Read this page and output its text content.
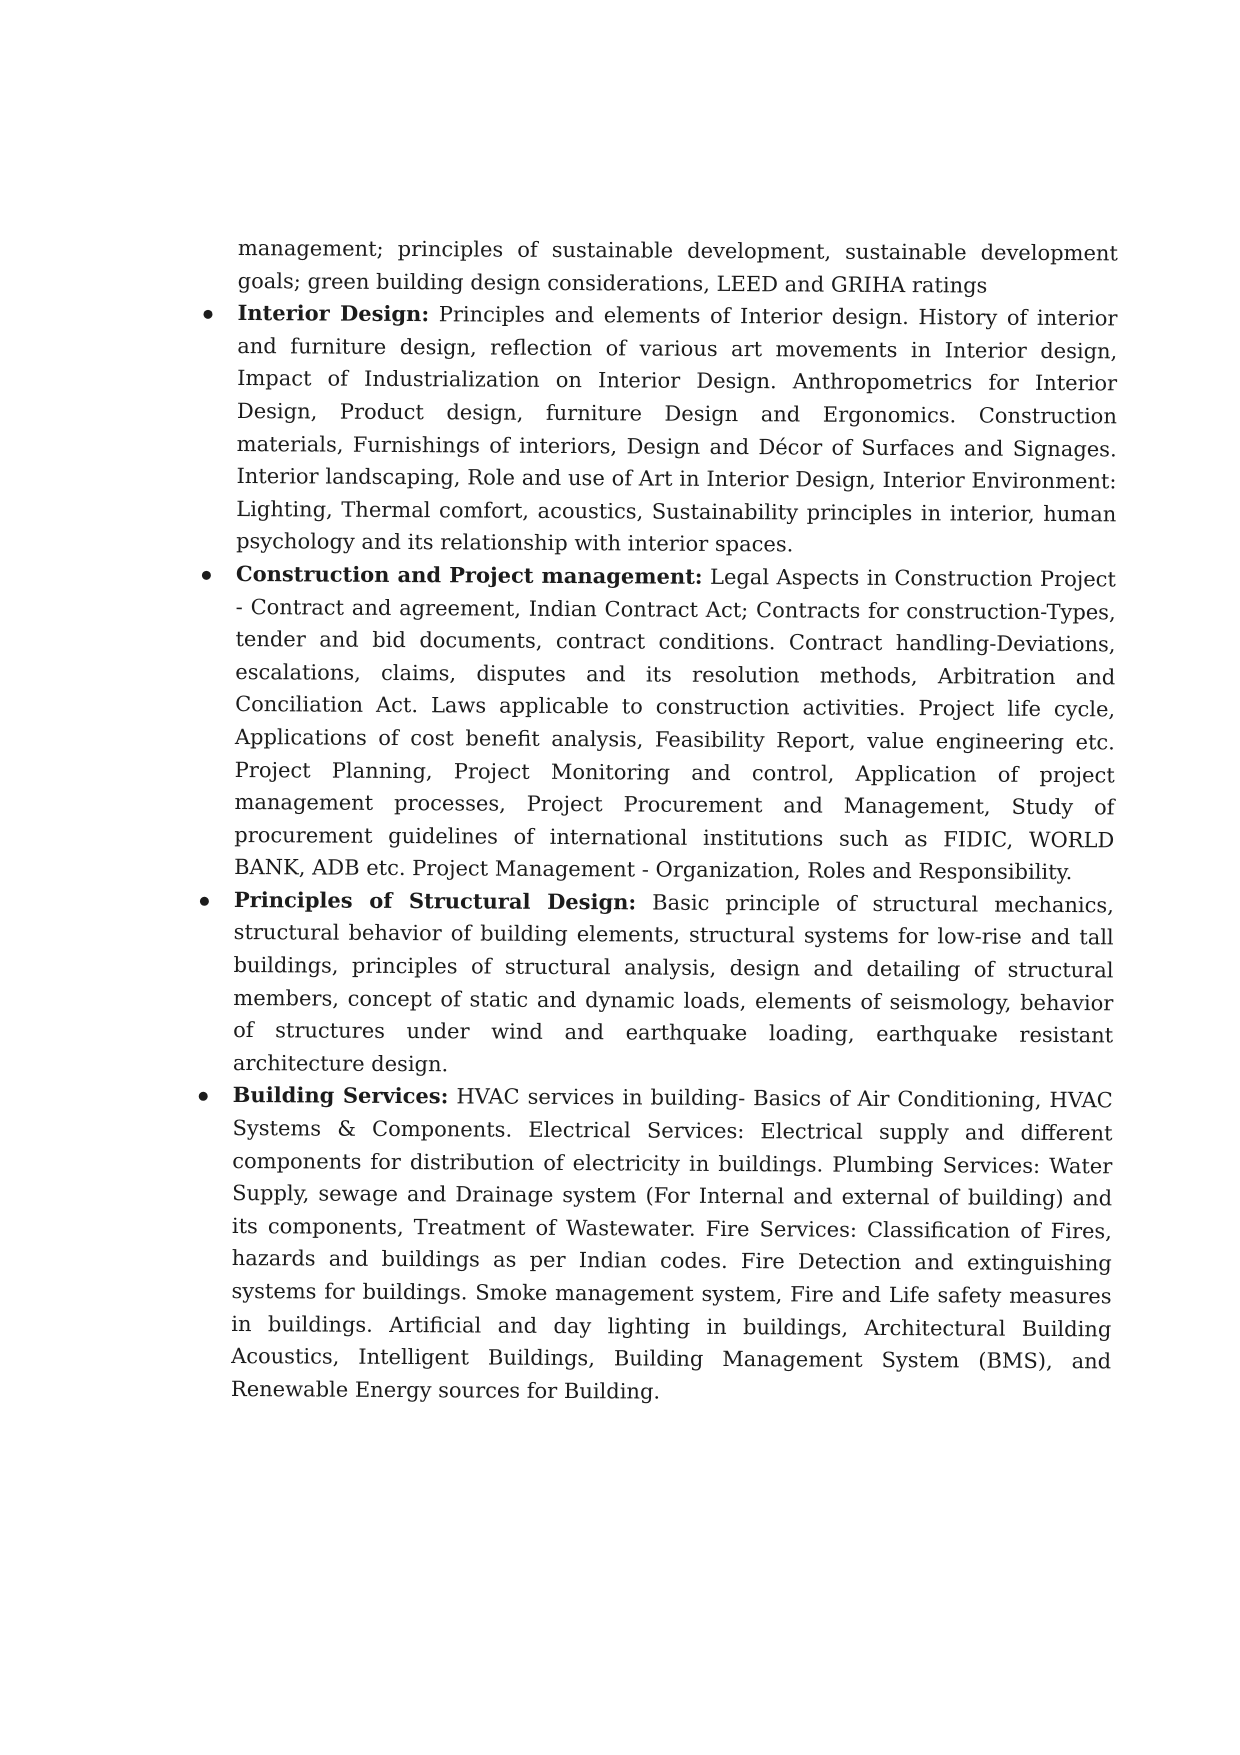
management; principles of sustainable development, sustainable development goals; green building design considerations, LEED and GRIHA ratings

Interior Design: Principles and elements of Interior design. History of interior and furniture design, reflection of various art movements in Interior design, Impact of Industrialization on Interior Design. Anthropometrics for Interior Design, Product design, furniture Design and Ergonomics. Construction materials, Furnishings of interiors, Design and Décor of Surfaces and Signages. Interior landscaping, Role and use of Art in Interior Design, Interior Environment: Lighting, Thermal comfort, acoustics, Sustainability principles in interior, human psychology and its relationship with interior spaces.
Construction and Project management: Legal Aspects in Construction Project - Contract and agreement, Indian Contract Act; Contracts for construction-Types, tender and bid documents, contract conditions. Contract handling-Deviations, escalations, claims, disputes and its resolution methods, Arbitration and Conciliation Act. Laws applicable to construction activities. Project life cycle, Applications of cost benefit analysis, Feasibility Report, value engineering etc. Project Planning, Project Monitoring and control, Application of project management processes, Project Procurement and Management, Study of procurement guidelines of international institutions such as FIDIC, WORLD BANK, ADB etc. Project Management - Organization, Roles and Responsibility.
Principles of Structural Design: Basic principle of structural mechanics, structural behavior of building elements, structural systems for low-rise and tall buildings, principles of structural analysis, design and detailing of structural members, concept of static and dynamic loads, elements of seismology, behavior of structures under wind and earthquake loading, earthquake resistant architecture design.
Building Services: HVAC services in building- Basics of Air Conditioning, HVAC Systems & Components. Electrical Services: Electrical supply and different components for distribution of electricity in buildings. Plumbing Services: Water Supply, sewage and Drainage system (For Internal and external of building) and its components, Treatment of Wastewater. Fire Services: Classification of Fires, hazards and buildings as per Indian codes. Fire Detection and extinguishing systems for buildings. Smoke management system, Fire and Life safety measures in buildings. Artificial and day lighting in buildings, Architectural Building Acoustics, Intelligent Buildings, Building Management System (BMS), and Renewable Energy sources for Building.
